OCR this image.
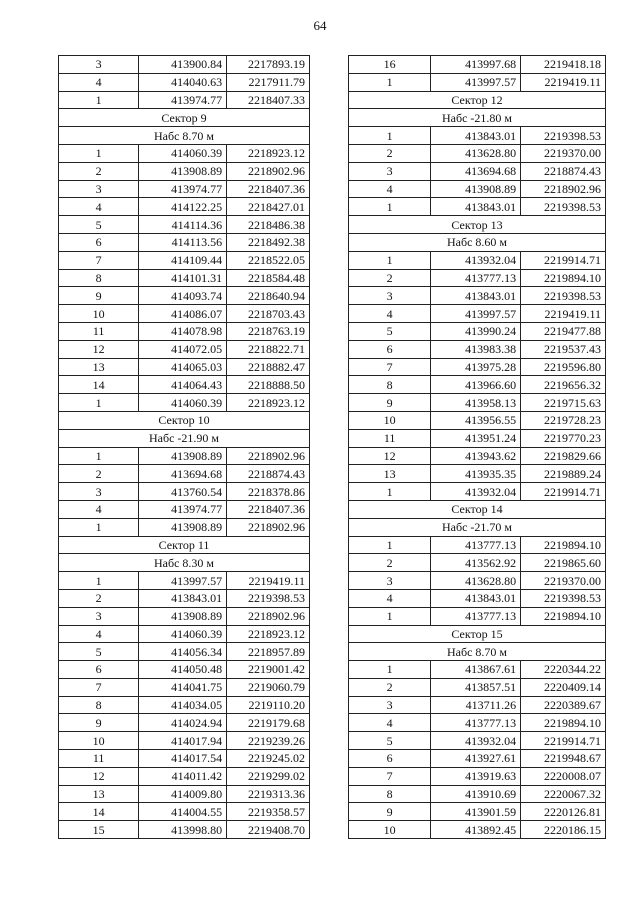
64
3	413900.84	2217893.19
4	414040.63	2217911.79
1	413974.77	2218407.33
Сектор 9		
Набс 8.70 м		
1	414060.39	2218923.12
2	413908.89	2218902.96
3	413974.77	2218407.36
4	414122.25	2218427.01
5	414114.36	2218486.38
6	414113.56	2218492.38
7	414109.44	2218522.05
8	414101.31	2218584.48
9	414093.74	2218640.94
10	414086.07	2218703.43
11	414078.98	2218763.19
12	414072.05	2218822.71
13	414065.03	2218882.47
14	414064.43	2218888.50
1	414060.39	2218923.12
Сектор 10		
Набс -21.90 м		
1	413908.89	2218902.96
2	413694.68	2218874.43
3	413760.54	2218378.86
4	413974.77	2218407.36
1	413908.89	2218902.96
Сектор 11		
Набс 8.30 м		
1	413997.57	2219419.11
2	413843.01	2219398.53
3	413908.89	2218902.96
4	414060.39	2218923.12
5	414056.34	2218957.89
6	414050.48	2219001.42
7	414041.75	2219060.79
8	414034.05	2219110.20
9	414024.94	2219179.68
10	414017.94	2219239.26
11	414017.54	2219245.02
12	414011.42	2219299.02
13	414009.80	2219313.36
14	414004.55	2219358.57
15	413998.80	2219408.70
16	413997.68	2219418.18
1	413997.57	2219419.11
Сектор 12		
Набс -21.80 м		
1	413843.01	2219398.53
2	413628.80	2219370.00
3	413694.68	2218874.43
4	413908.89	2218902.96
1	413843.01	2219398.53
Сектор 13		
Набс 8.60 м		
1	413932.04	2219914.71
2	413777.13	2219894.10
3	413843.01	2219398.53
4	413997.57	2219419.11
5	413990.24	2219477.88
6	413983.38	2219537.43
7	413975.28	2219596.80
8	413966.60	2219656.32
9	413958.13	2219715.63
10	413956.55	2219728.23
11	413951.24	2219770.23
12	413943.62	2219829.66
13	413935.35	2219889.24
1	413932.04	2219914.71
Сектор 14		
Набс -21.70 м		
1	413777.13	2219894.10
2	413562.92	2219865.60
3	413628.80	2219370.00
4	413843.01	2219398.53
1	413777.13	2219894.10
Сектор 15		
Набс 8.70 м		
1	413867.61	2220344.22
2	413857.51	2220409.14
3	413711.26	2220389.67
4	413777.13	2219894.10
5	413932.04	2219914.71
6	413927.61	2219948.67
7	413919.63	2220008.07
8	413910.69	2220067.32
9	413901.59	2220126.81
10	413892.45	2220186.15
